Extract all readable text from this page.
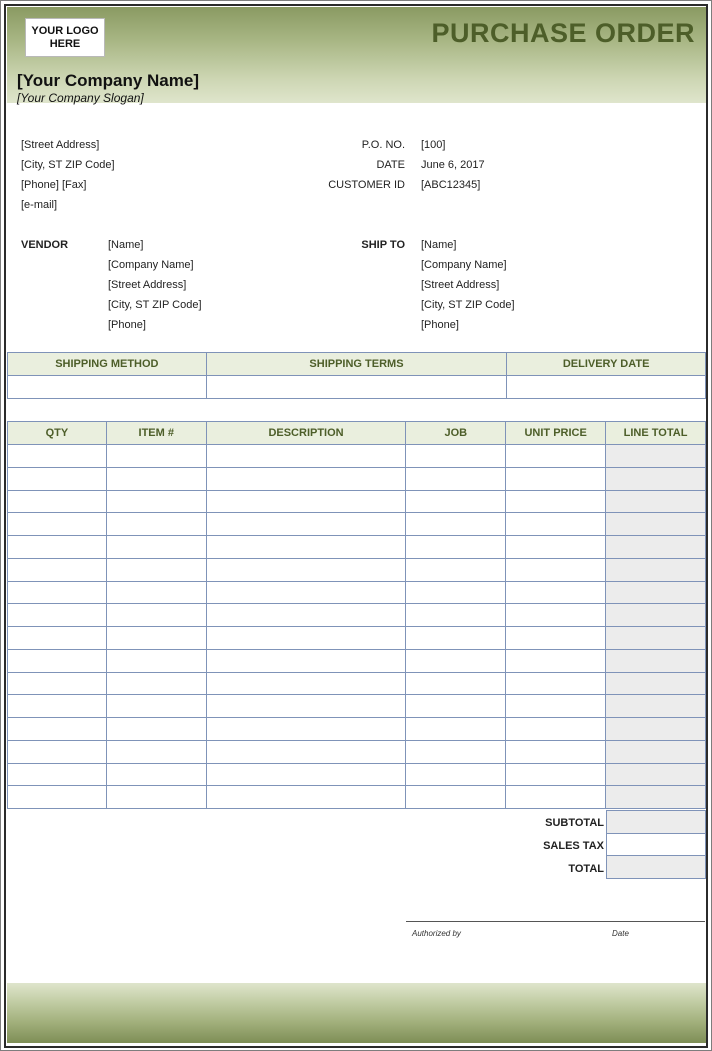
YOUR LOGO
HERE	PURCHASE ORDER
[Your Company Name]
[Your Company Slogan]
[Street Address]
[City, ST ZIP Code]
[Phone] [Fax]
[e-mail]
P.O. NO. [100]
DATE June 6, 2017
CUSTOMER ID [ABC12345]
VENDOR	[Name]
[Company Name]
[Street Address]
[City, ST ZIP Code]
[Phone]
SHIP TO [Name]
[Company Name]
[Street Address]
[City, ST ZIP Code]
[Phone]
SHIPPING METHOD	SHIPPING TERMS	DELIVERY DATE

QTY	ITEM #	DESCRIPTION	JOB	UNIT PRICE	LINE TOTAL

SUBTOTAL
SALES TAX
TOTAL

Authorized by	Date
